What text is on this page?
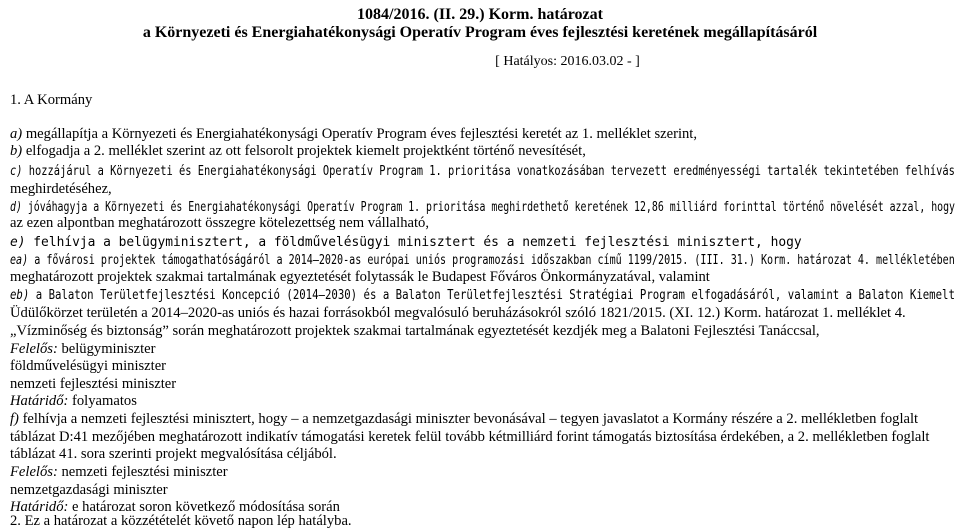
1084/2016. (II. 29.) Korm. határozat
a Környezeti és Energiahatékonysági Operatív Program éves fejlesztési keretének megállapításáról
[ Hatályos: 2016.03.02 - ]
1. A Kormány
a) megállapítja a Környezeti és Energiahatékonysági Operatív Program éves fejlesztési keretét az 1. melléklet szerint,
b) elfogadja a 2. melléklet szerint az ott felsorolt projektek kiemelt projektként történő nevesítését,
c) hozzájárul a Környezeti és Energiahatékonysági Operatív Program 1. prioritása vonatkozásában tervezett eredményességi tartalék tekintetében felhívás
meghirdetéséhez,
d) jóváhagyja a Környezeti és Energiahatékonysági Operatív Program 1. prioritása meghirdethető keretének 12,86 milliárd forinttal történő növelését azzal, hogy
az ezen alpontban meghatározott összegre kötelezettség nem vállalható,
e) felhívja a belügyminisztert, a földművelésügyi minisztert és a nemzeti fejlesztési minisztert, hogy
ea) a fővárosi projektek támogathatóságáról a 2014–2020-as európai uniós programozási időszakban című 1199/2015. (III. 31.) Korm. határozat 4. mellékletében
meghatározott projektek szakmai tartalmának egyeztetését folytassák le Budapest Főváros Önkormányzatával, valamint
eb) a Balaton Területfejlesztési Koncepció (2014–2030) és a Balaton Területfejlesztési Stratégiai Program elfogadásáról, valamint a Balaton Kiemelt
Üdülőkörzet területén a 2014–2020-as uniós és hazai forrásokból megvalósuló beruházásokról szóló 1821/2015. (XI. 12.) Korm. határozat 1. melléklet 4.
„Vízminőség és biztonság” során meghatározott projektek szakmai tartalmának egyeztetését kezdjék meg a Balatoni Fejlesztési Tanáccsal,
Felelős: belügyminiszter
földművelésügyi miniszter
nemzeti fejlesztési miniszter
Határidő: folyamatos
f) felhívja a nemzeti fejlesztési minisztert, hogy – a nemzetgazdasági miniszter bevonásával – tegyen javaslatot a Kormány részére a 2. mellékletben foglalt
táblázat D:41 mezőjében meghatározott indikatív támogatási keretek felül tovább kétmilliárd forint támogatás biztosítása érdekében, a 2. mellékletben foglalt
táblázat 41. sora szerinti projekt megvalósítása céljából.
Felelős: nemzeti fejlesztési miniszter
nemzetgazdasági miniszter
Határidő: e határozat soron következő módosítása során
2. Ez a határozat a közzétételét követő napon lép hatályba.
